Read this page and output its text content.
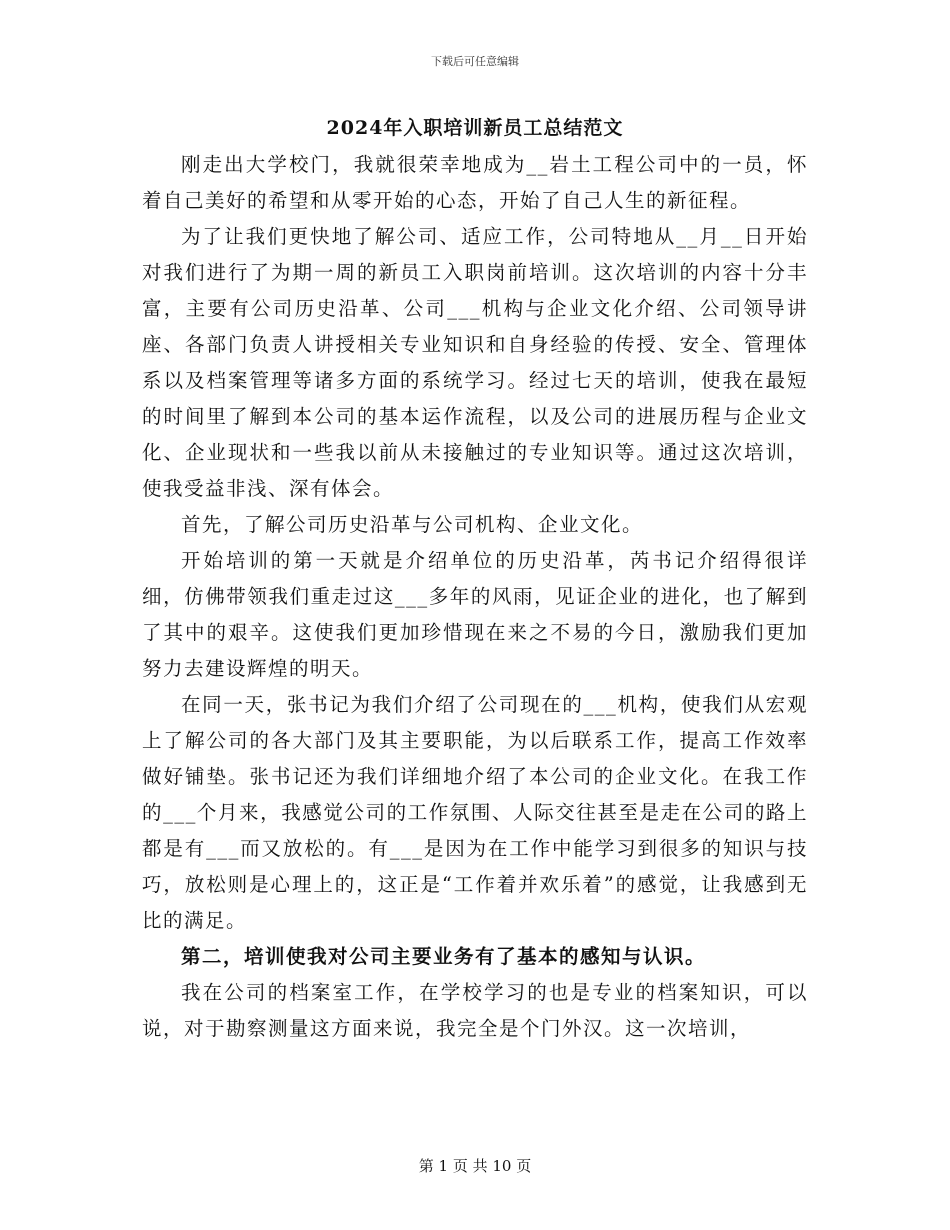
下载后可任意编辑
2024年入职培训新员工总结范文

刚走出大学校门，我就很荣幸地成为__岩土工程公司中的一员，怀着自己美好的希望和从零开始的心态，开始了自己人生的新征程。

为了让我们更快地了解公司、适应工作，公司特地从__月__日开始对我们进行了为期一周的新员工入职岗前培训。这次培训的内容十分丰富，主要有公司历史沿革、公司___机构与企业文化介绍、公司领导讲座、各部门负责人讲授相关专业知识和自身经验的传授、安全、管理体系以及档案管理等诸多方面的系统学习。经过七天的培训，使我在最短的时间里了解到本公司的基本运作流程，以及公司的进展历程与企业文化、企业现状和一些我以前从未接触过的专业知识等。通过这次培训，使我受益非浅、深有体会。

首先，了解公司历史沿革与公司机构、企业文化。

开始培训的第一天就是介绍单位的历史沿革，芮书记介绍得很详细，仿佛带领我们重走过这___多年的风雨，见证企业的进化，也了解到了其中的艰辛。这使我们更加珍惜现在来之不易的今日，激励我们更加努力去建设辉煌的明天。

在同一天，张书记为我们介绍了公司现在的___机构，使我们从宏观上了解公司的各大部门及其主要职能，为以后联系工作，提高工作效率做好铺垫。张书记还为我们详细地介绍了本公司的企业文化。在我工作的___个月来，我感觉公司的工作氛围、人际交往甚至是走在公司的路上都是有___而又放松的。有___是因为在工作中能学习到很多的知识与技巧，放松则是心理上的，这正是“工作着并欢乐着”的感觉，让我感到无比的满足。

第二，培训使我对公司主要业务有了基本的感知与认识。

我在公司的档案室工作，在学校学习的也是专业的档案知识，可以说，对于勘察测量这方面来说，我完全是个门外汉。这一次培训，

第 1 页 共 10 页
